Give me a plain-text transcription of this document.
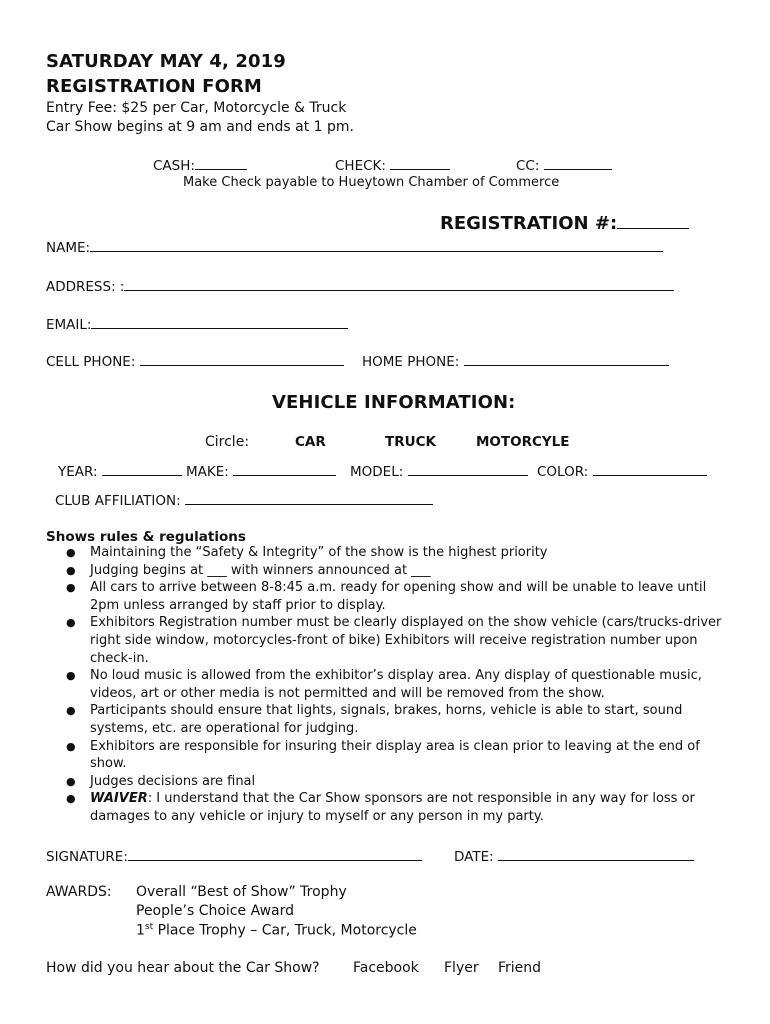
SATURDAY MAY 4, 2019
REGISTRATION FORM
Entry Fee: $25 per Car, Motorcycle & Truck
Car Show begins at 9 am and ends at 1 pm.
CASH:	CHECK:	CC:
Make Check payable to Hueytown Chamber of Commerce
REGISTRATION #:
NAME:
ADDRESS: :
EMAIL:
CELL PHONE:	HOME PHONE:
VEHICLE INFORMATION:
Circle:	CAR	TRUCK	MOTORCYLE
YEAR:	MAKE:	MODEL:	COLOR:
CLUB AFFILIATION:
Shows rules & regulations
● Maintaining the “Safety & Integrity” of the show is the highest priority
● Judging begins at ___ with winners announced at ___
● All cars to arrive between 8-8:45 a.m. ready for opening show and will be unable to leave until 2pm unless arranged by staff prior to display.
● Exhibitors Registration number must be clearly displayed on the show vehicle (cars/trucks-driver right side window, motorcycles-front of bike) Exhibitors will receive registration number upon check-in.
● No loud music is allowed from the exhibitor’s display area. Any display of questionable music, videos, art or other media is not permitted and will be removed from the show.
● Participants should ensure that lights, signals, brakes, horns, vehicle is able to start, sound systems, etc. are operational for judging.
● Exhibitors are responsible for insuring their display area is clean prior to leaving at the end of show.
● Judges decisions are final
● WAIVER: I understand that the Car Show sponsors are not responsible in any way for loss or damages to any vehicle or injury to myself or any person in my party.
SIGNATURE:	DATE:
AWARDS: Overall “Best of Show” Trophy
People’s Choice Award
1st Place Trophy – Car, Truck, Motorcycle
How did you hear about the Car Show? Facebook Flyer Friend
